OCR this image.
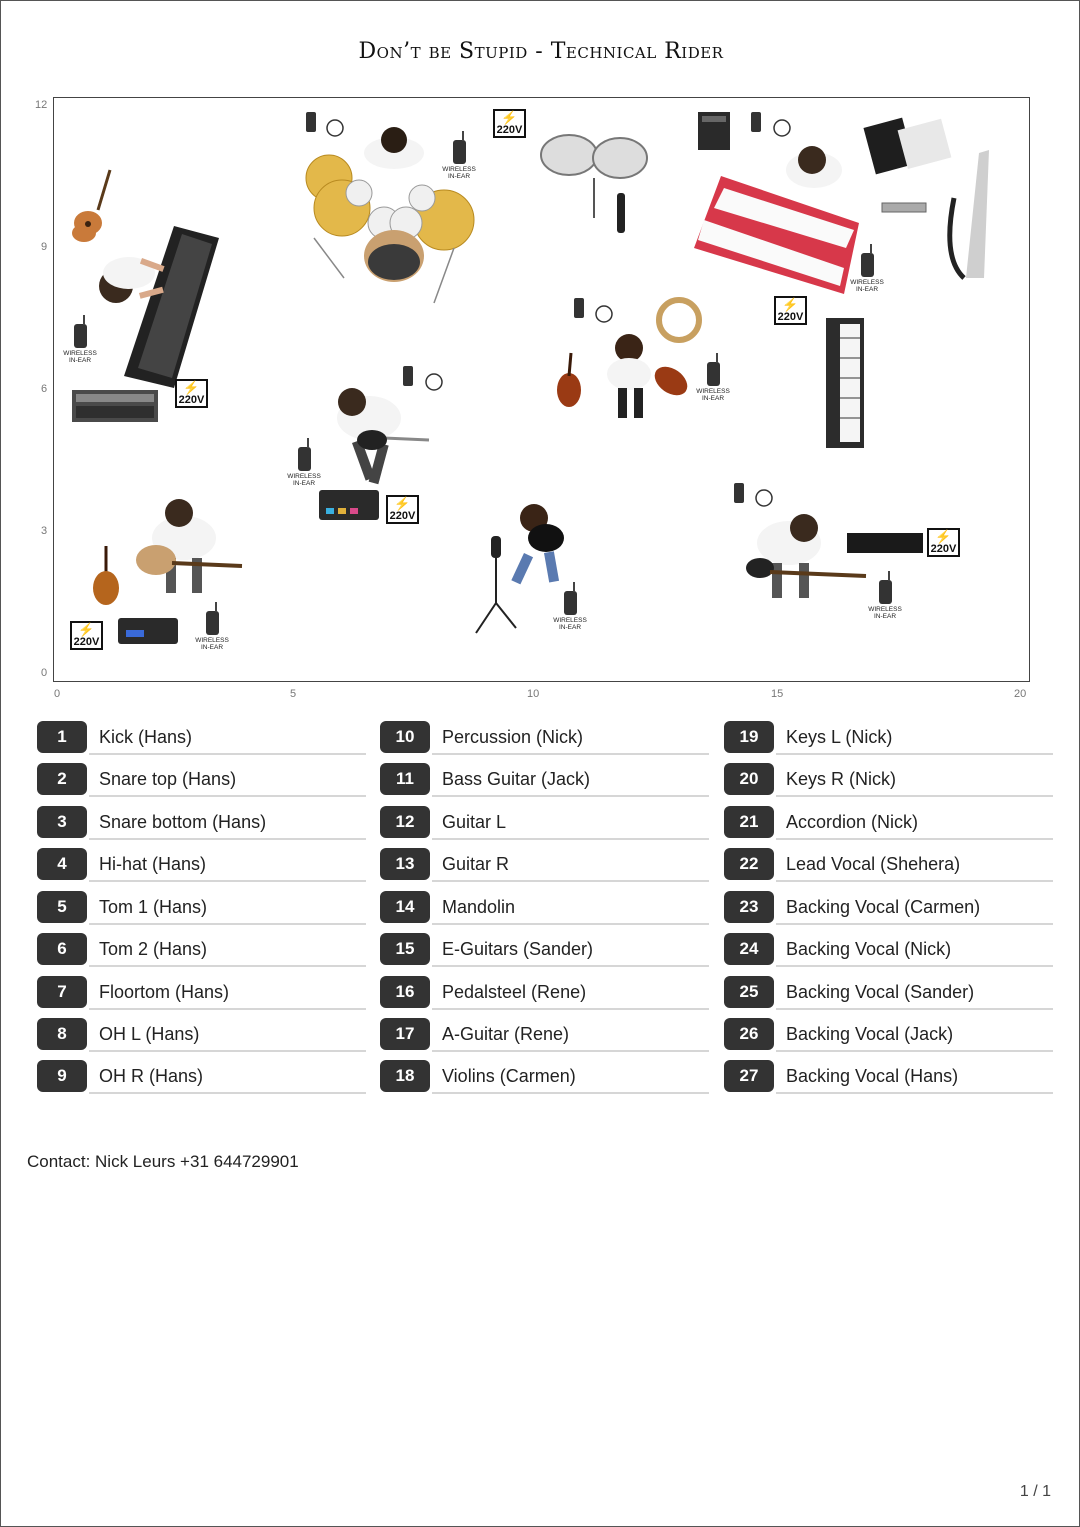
Don’t be Stupid - Technical Rider
12
9
6
3
0
0	5	10	15	20
⚡
220V
⚡
220V
⚡
220V
⚡
220V
⚡
220V
⚡
220V
WIRELESS
IN-EAR
WIRELESS
IN-EAR
WIRELESS
IN-EAR
WIRELESS
IN-EAR
WIRELESS
IN-EAR
WIRELESS
IN-EAR
WIRELESS
IN-EAR
WIRELESS
IN-EAR
1	Kick (Hans)
2	Snare top (Hans)
3	Snare bottom (Hans)
4	Hi-hat (Hans)
5	Tom 1 (Hans)
6	Tom 2 (Hans)
7	Floortom (Hans)
8	OH L (Hans)
9	OH R (Hans)
10	Percussion (Nick)
11	Bass Guitar (Jack)
12	Guitar L
13	Guitar R
14	Mandolin
15	E-Guitars (Sander)
16	Pedalsteel (Rene)
17	A-Guitar (Rene)
18	Violins (Carmen)
19	Keys L (Nick)
20	Keys R (Nick)
21	Accordion (Nick)
22	Lead Vocal (Shehera)
23	Backing Vocal (Carmen)
24	Backing Vocal (Nick)
25	Backing Vocal (Sander)
26	Backing Vocal (Jack)
27	Backing Vocal (Hans)
Contact: Nick Leurs +31 644729901
1 / 1
